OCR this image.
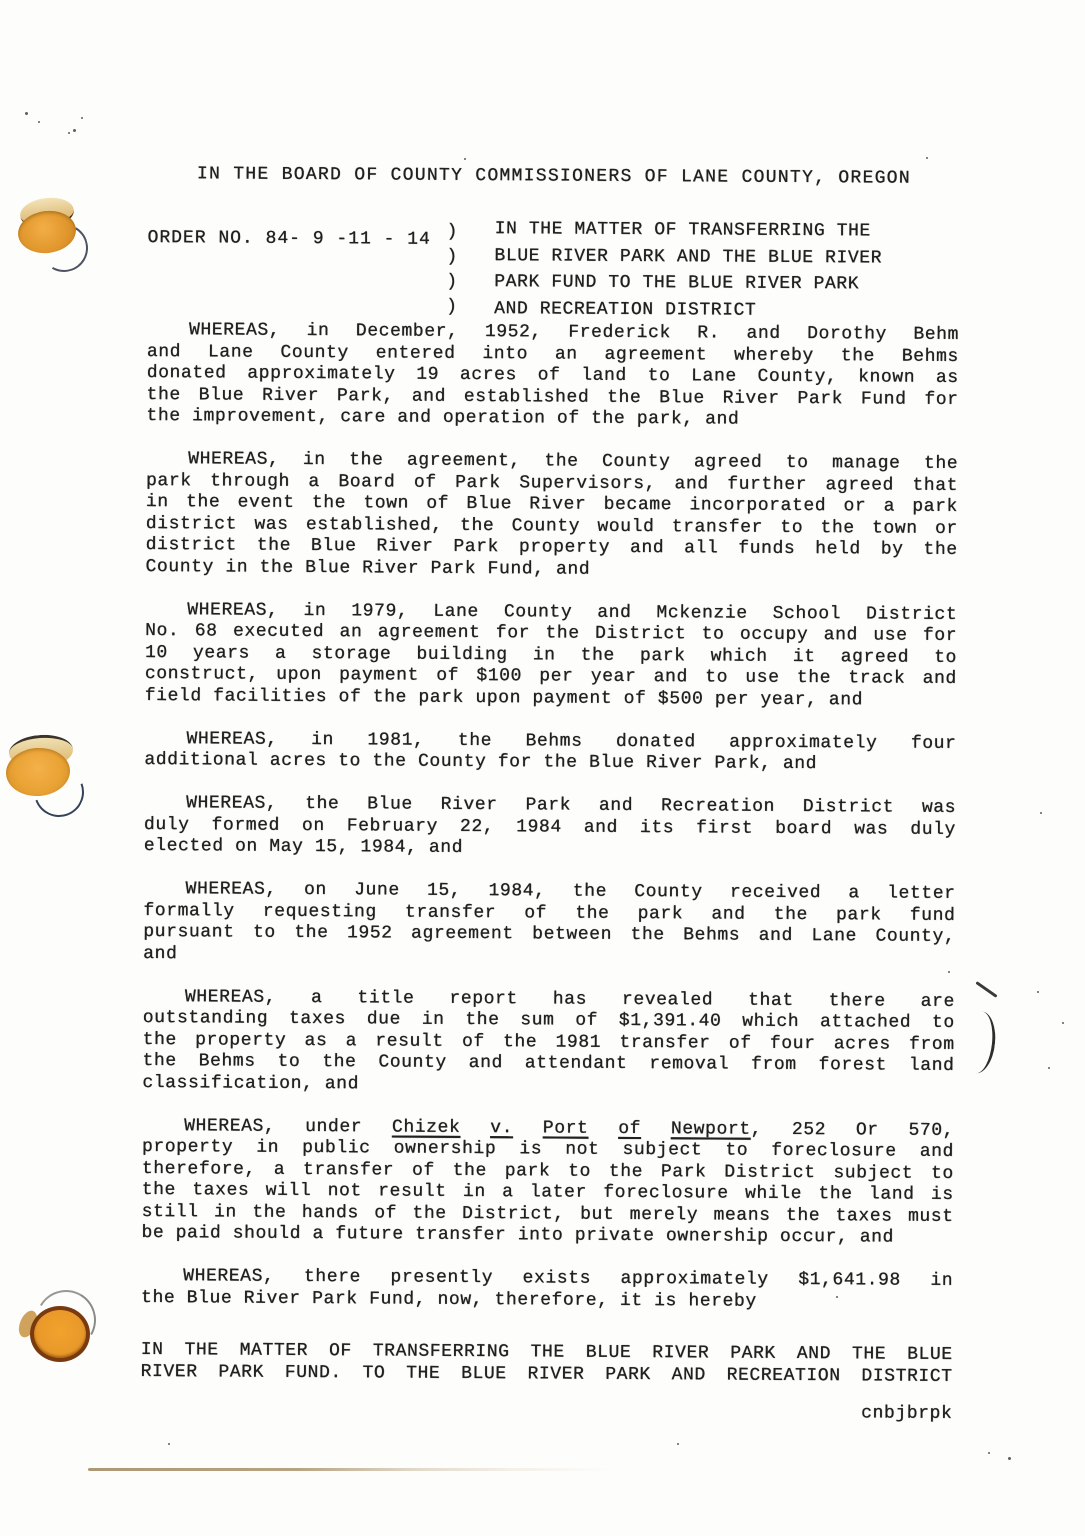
IN THE BOARD OF COUNTY COMMISSIONERS OF LANE COUNTY, OREGON
ORDER NO. 84- 9 -11 - 14 )
)
)
)
IN THE MATTER OF TRANSFERRING THE
BLUE RIVER PARK AND THE BLUE RIVER
PARK FUND TO THE BLUE RIVER PARK
AND RECREATION DISTRICT
WHEREAS, in December, 1952, Frederick R. and Dorothy Behm
and Lane County entered into an agreement whereby the Behms
donated approximately 19 acres of land to Lane County, known as
the Blue River Park, and established the Blue River Park Fund for
the improvement, care and operation of the park, and
WHEREAS, in the agreement, the County agreed to manage the
park through a Board of Park Supervisors, and further agreed that
in the event the town of Blue River became incorporated or a park
district was established, the County would transfer to the town or
district the Blue River Park property and all funds held by the
County in the Blue River Park Fund, and
WHEREAS, in 1979, Lane County and Mckenzie School District
No. 68 executed an agreement for the District to occupy and use for
10 years a storage building in the park which it agreed to
construct, upon payment of $100 per year and to use the track and
field facilities of the park upon payment of $500 per year, and
WHEREAS, in 1981, the Behms donated approximately four
additional acres to the County for the Blue River Park, and
WHEREAS, the Blue River Park and Recreation District was
duly formed on February 22, 1984 and its first board was duly
elected on May 15, 1984, and
WHEREAS, on June 15, 1984, the County received a letter
formally requesting transfer of the park and the park fund
pursuant to the 1952 agreement between the Behms and Lane County,
and
WHEREAS, a title report has revealed that there are
outstanding taxes due in the sum of $1,391.40 which attached to
the property as a result of the 1981 transfer of four acres from
the Behms to the County and attendant removal from forest land
classification, and
WHEREAS, under Chizek v. Port of Newport, 252 Or 570,
property in public ownership is not subject to foreclosure and
therefore, a transfer of the park to the Park District subject to
the taxes will not result in a later foreclosure while the land is
still in the hands of the District, but merely means the taxes must
be paid should a future transfer into private ownership occur, and
WHEREAS, there presently exists approximately $1,641.98 in
the Blue River Park Fund, now, therefore, it is hereby
IN THE MATTER OF TRANSFERRING THE BLUE RIVER PARK AND THE BLUE
RIVER PARK FUND. TO THE BLUE RIVER PARK AND RECREATION DISTRICT
cnbjbrpk
